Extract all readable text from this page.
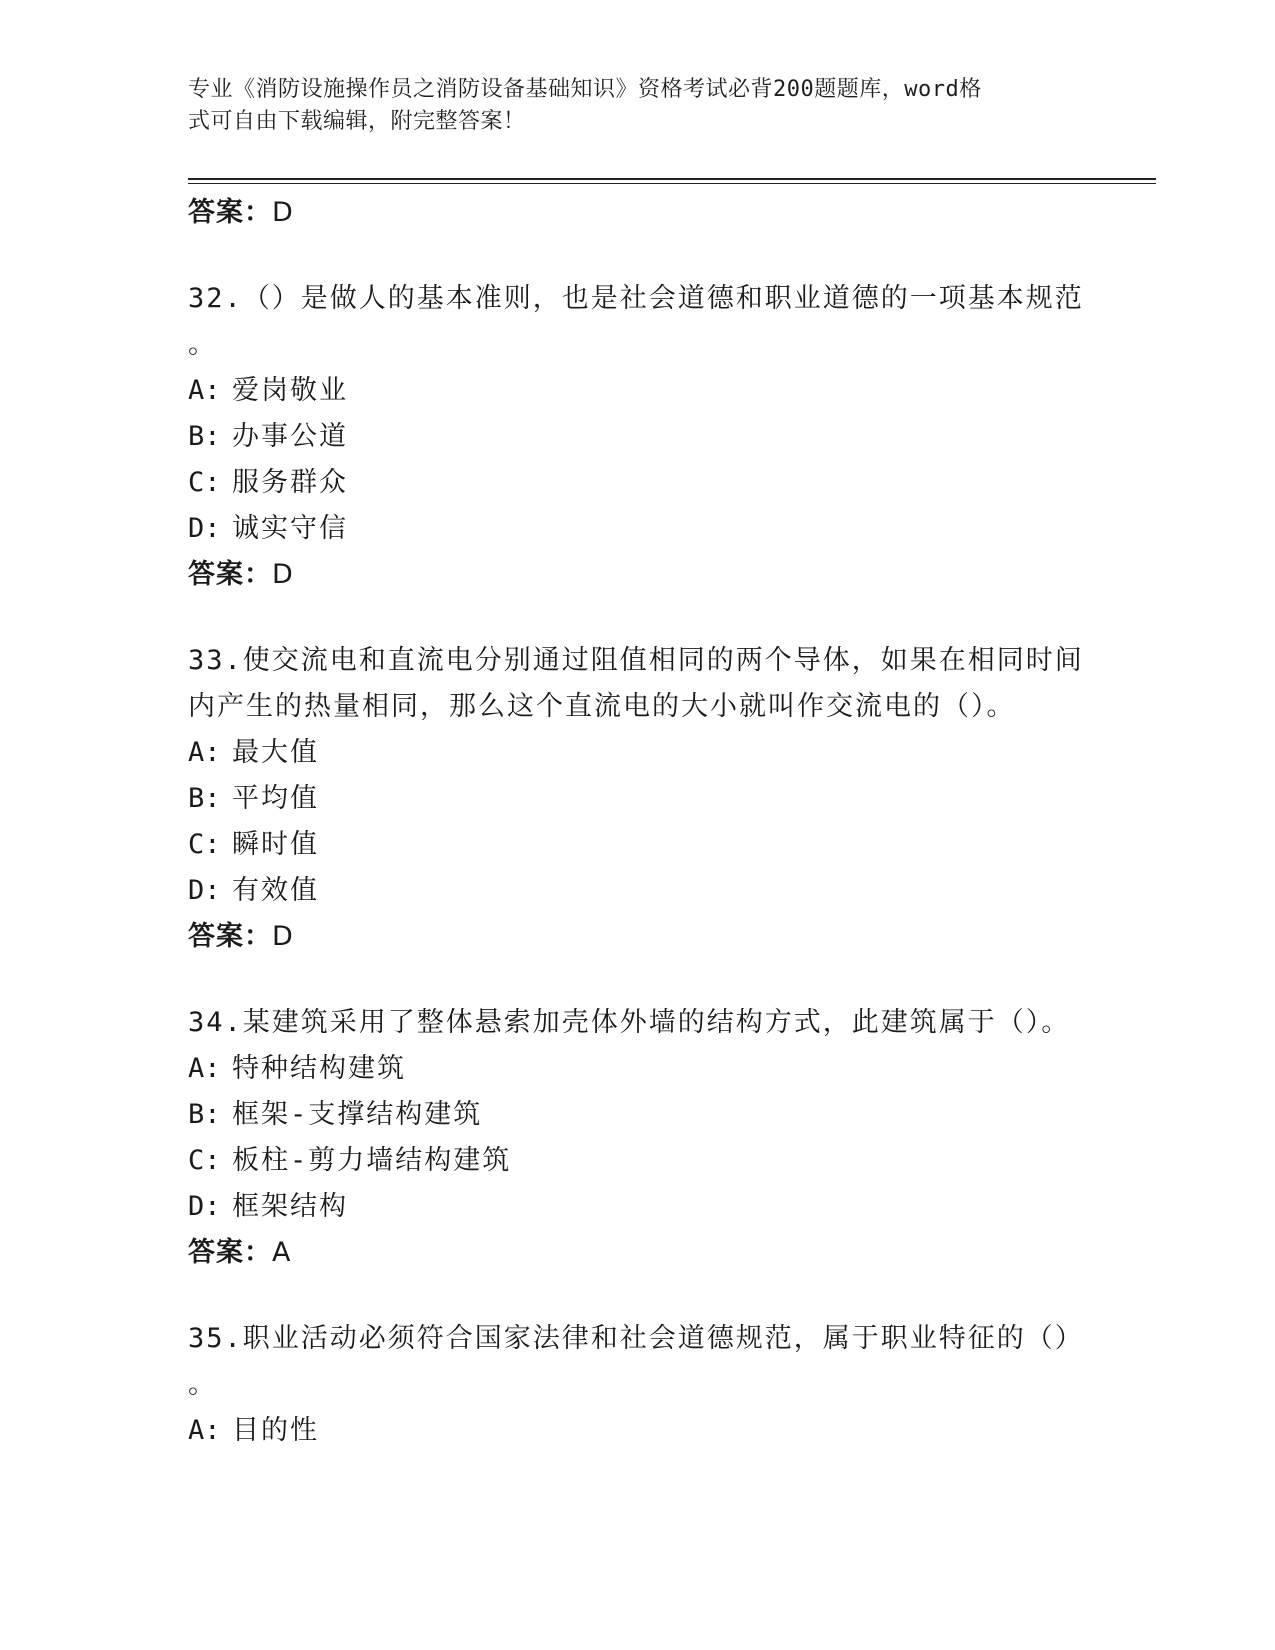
专业《消防设施操作员之消防设备基础知识》资格考试必背200题题库，word格
式可自由下载编辑，附完整答案！
答案：D
32.（）是做人的基本准则，也是社会道德和职业道德的一项基本规范
。
A: 爱岗敬业
B: 办事公道
C: 服务群众
D: 诚实守信
答案：D
33.使交流电和直流电分别通过阻值相同的两个导体，如果在相同时间
内产生的热量相同，那么这个直流电的大小就叫作交流电的（）。
A: 最大值
B: 平均值
C: 瞬时值
D: 有效值
答案：D
34.某建筑采用了整体悬索加壳体外墙的结构方式，此建筑属于（）。
A: 特种结构建筑
B: 框架-支撑结构建筑
C: 板柱-剪力墙结构建筑
D: 框架结构
答案：A
35.职业活动必须符合国家法律和社会道德规范，属于职业特征的（）
。
A: 目的性
